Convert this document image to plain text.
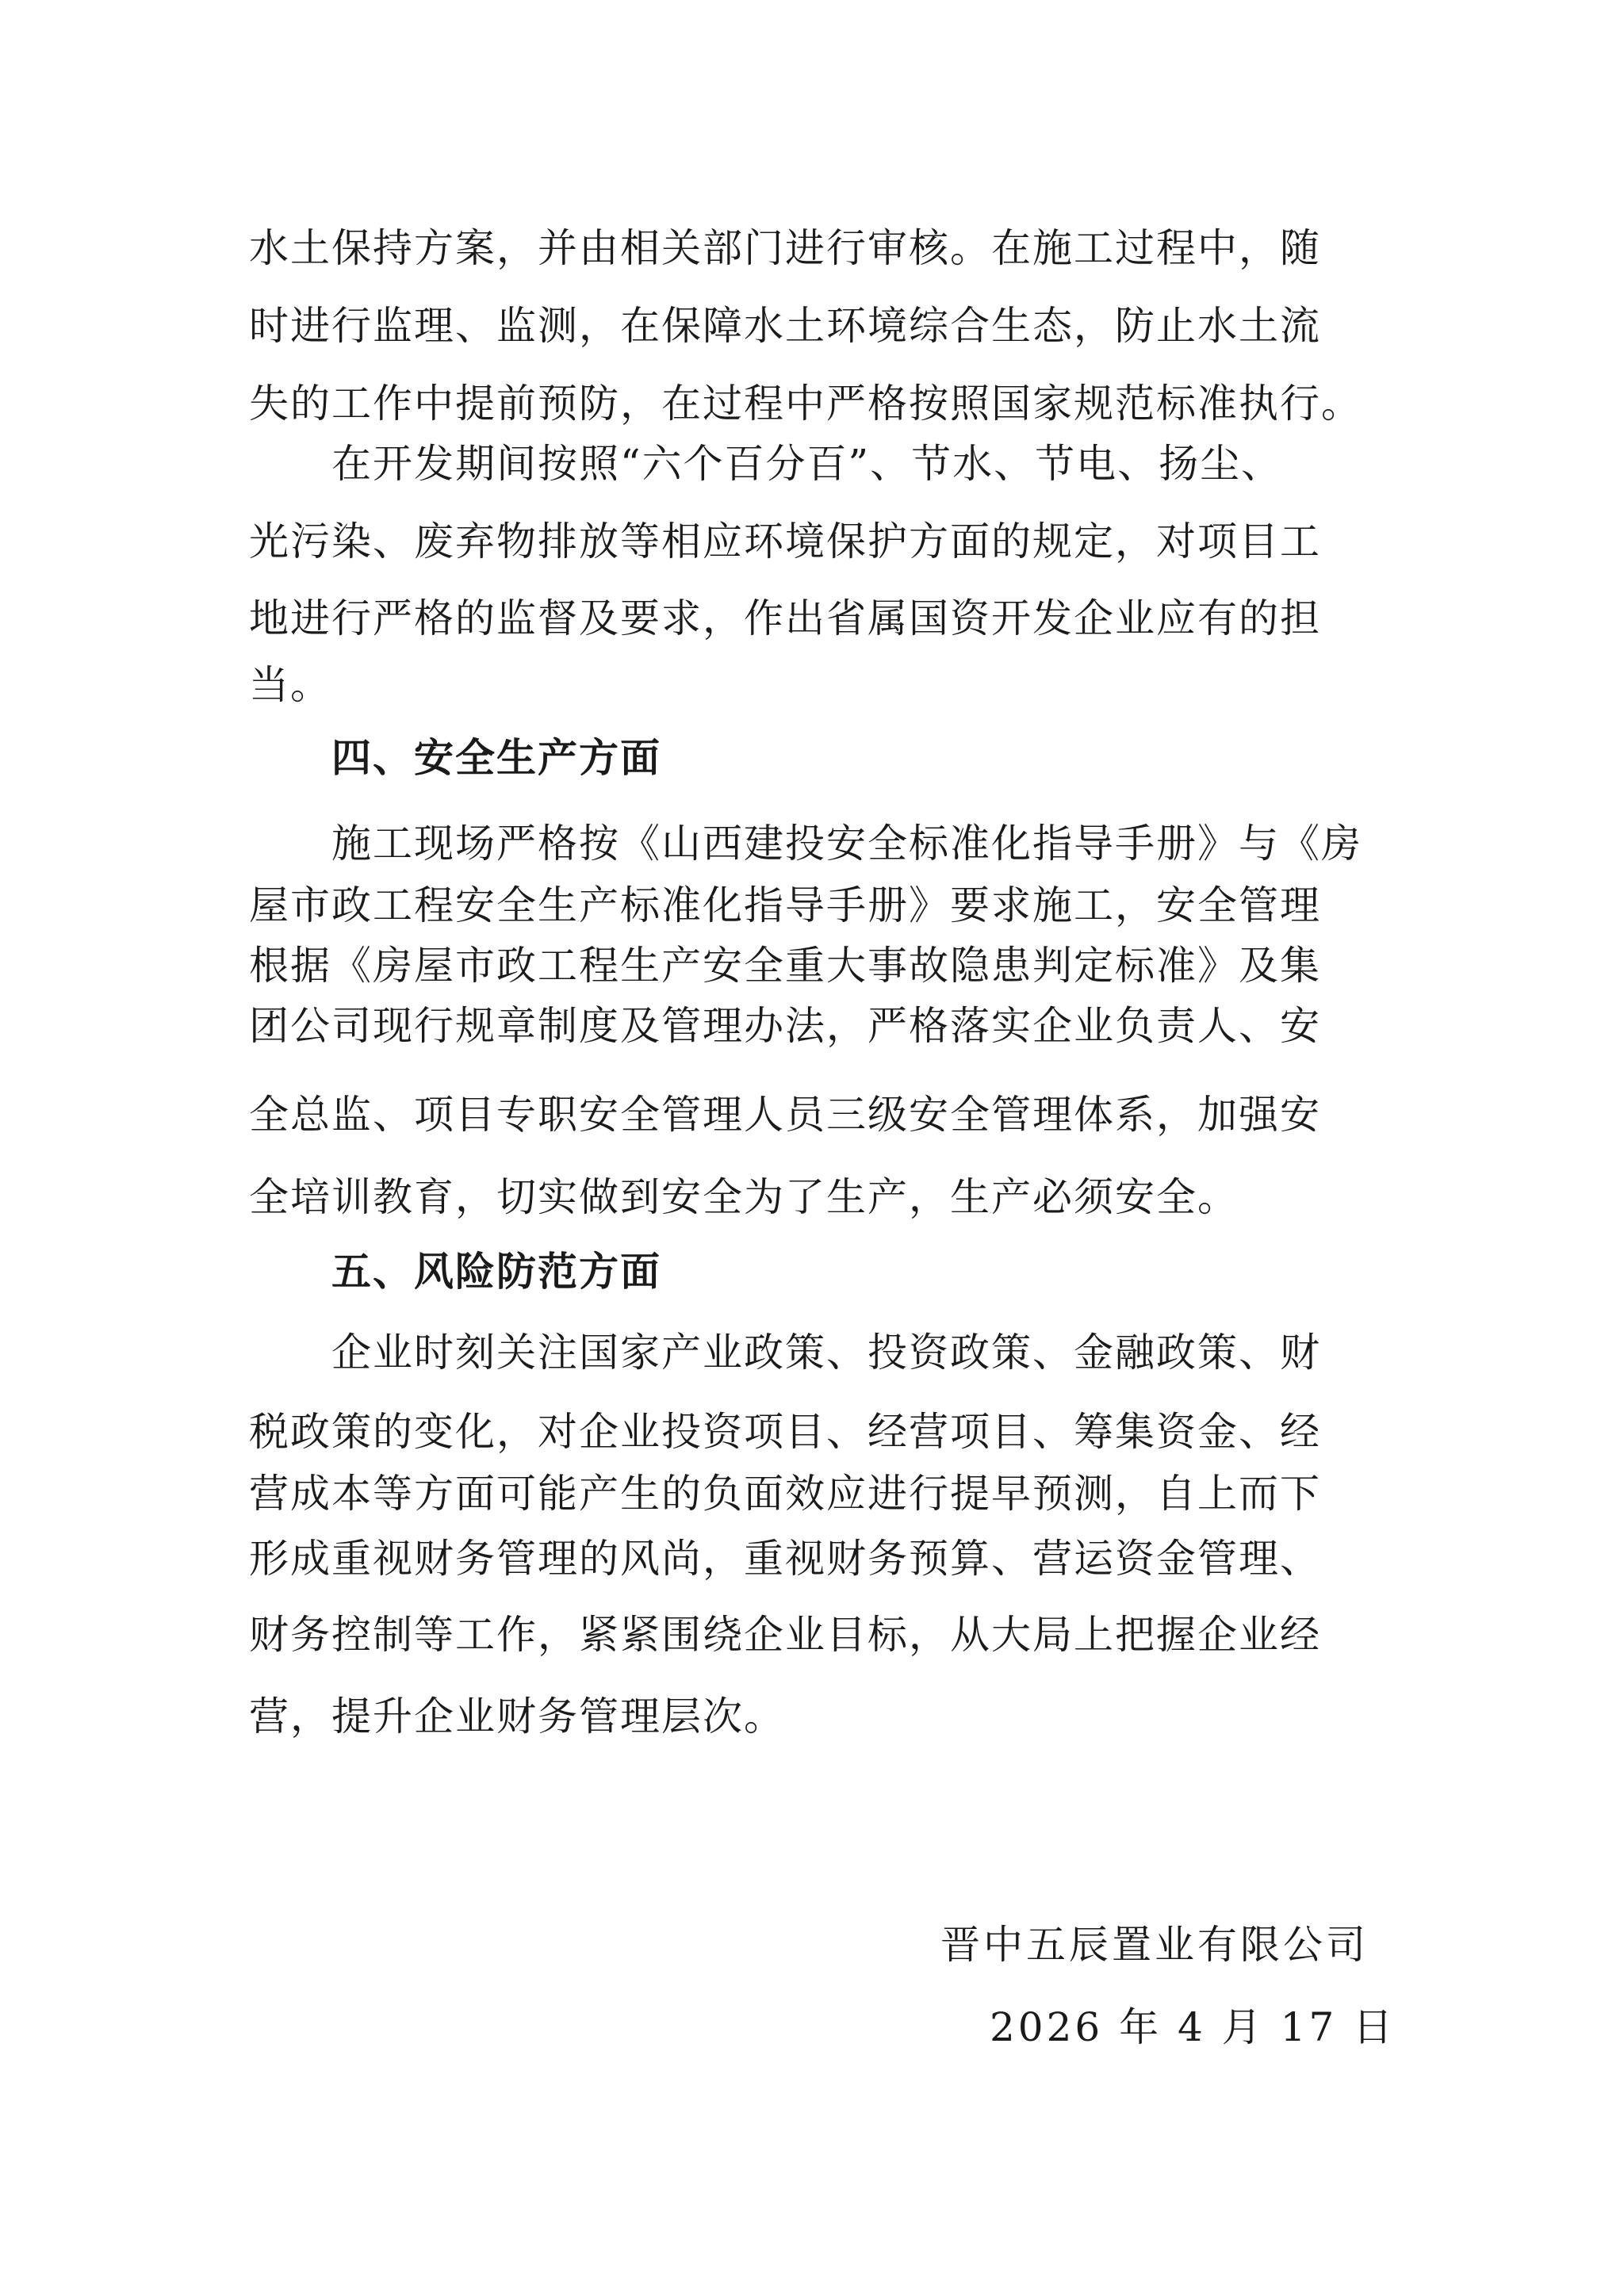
水土保持方案，并由相关部门进行审核。在施工过程中，随
时进行监理、监测，在保障水土环境综合生态，防止水土流
失的工作中提前预防，在过程中严格按照国家规范标准执行。
在开发期间按照“六个百分百”、节水、节电、扬尘、
光污染、废弃物排放等相应环境保护方面的规定，对项目工
地进行严格的监督及要求，作出省属国资开发企业应有的担
当。
四、安全生产方面
施工现场严格按《山西建投安全标准化指导手册》与《房
屋市政工程安全生产标准化指导手册》要求施工，安全管理
根据《房屋市政工程生产安全重大事故隐患判定标准》及集
团公司现行规章制度及管理办法，严格落实企业负责人、安
全总监、项目专职安全管理人员三级安全管理体系，加强安
全培训教育，切实做到安全为了生产，生产必须安全。
五、风险防范方面
企业时刻关注国家产业政策、投资政策、金融政策、财
税政策的变化，对企业投资项目、经营项目、筹集资金、经
营成本等方面可能产生的负面效应进行提早预测，自上而下
形成重视财务管理的风尚，重视财务预算、营运资金管理、
财务控制等工作，紧紧围绕企业目标，从大局上把握企业经
营，提升企业财务管理层次。
晋中五辰置业有限公司
2026 年 4 月 17 日
